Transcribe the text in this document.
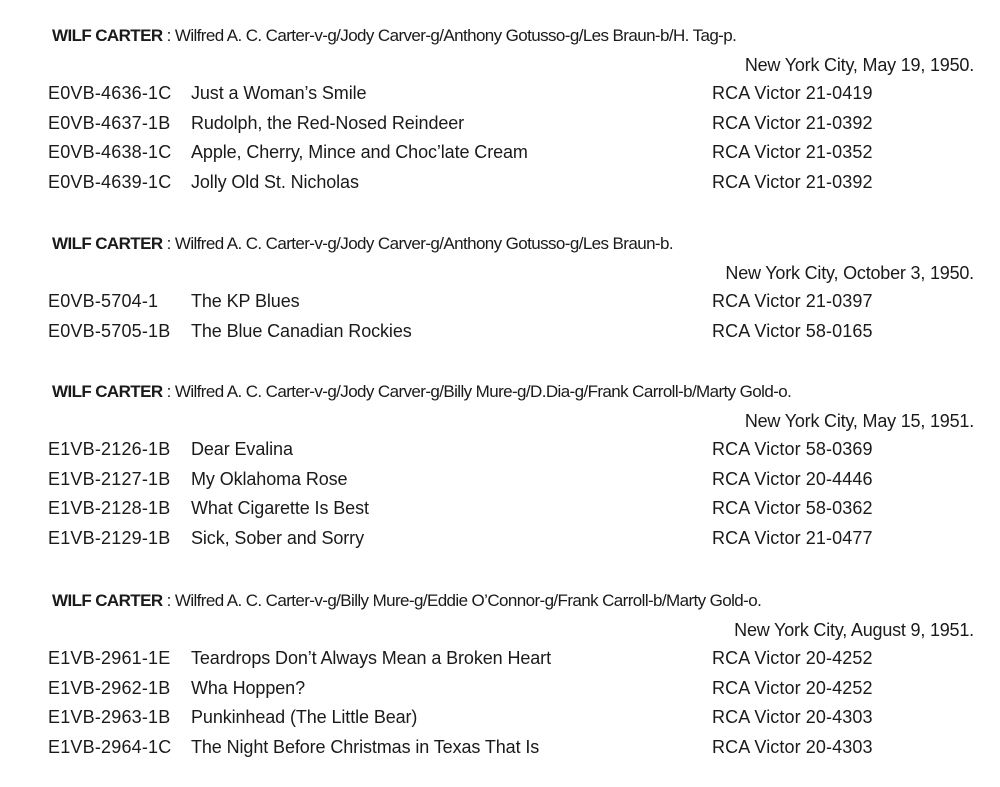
WILF CARTER : Wilfred A. C. Carter-v-g/Jody Carver-g/Anthony Gotusso-g/Les Braun-b/H. Tag-p.
New York City, May 19, 1950.
E0VB-4636-1C Just a Woman’s Smile	RCA Victor 21-0419
E0VB-4637-1B Rudolph, the Red-Nosed Reindeer	RCA Victor 21-0392
E0VB-4638-1C Apple, Cherry, Mince and Choc’late Cream	RCA Victor 21-0352
E0VB-4639-1C Jolly Old St. Nicholas	RCA Victor 21-0392
WILF CARTER : Wilfred A. C. Carter-v-g/Jody Carver-g/Anthony Gotusso-g/Les Braun-b.
New York City, October 3, 1950.
E0VB-5704-1 The KP Blues	RCA Victor 21-0397
E0VB-5705-1B The Blue Canadian Rockies	RCA Victor 58-0165
WILF CARTER : Wilfred A. C. Carter-v-g/Jody Carver-g/Billy Mure-g/D.Dia-g/Frank Carroll-b/Marty Gold-o.
New York City, May 15, 1951.
E1VB-2126-1B Dear Evalina	RCA Victor 58-0369
E1VB-2127-1B My Oklahoma Rose	RCA Victor 20-4446
E1VB-2128-1B What Cigarette Is Best	RCA Victor 58-0362
E1VB-2129-1B Sick, Sober and Sorry	RCA Victor 21-0477
WILF CARTER : Wilfred A. C. Carter-v-g/Billy Mure-g/Eddie O’Connor-g/Frank Carroll-b/Marty Gold-o.
New York City, August 9, 1951.
E1VB-2961-1E Teardrops Don’t Always Mean a Broken Heart	RCA Victor 20-4252
E1VB-2962-1B Wha Hoppen?	RCA Victor 20-4252
E1VB-2963-1B Punkinhead (The Little Bear)	RCA Victor 20-4303
E1VB-2964-1C The Night Before Christmas in Texas That Is	RCA Victor 20-4303
